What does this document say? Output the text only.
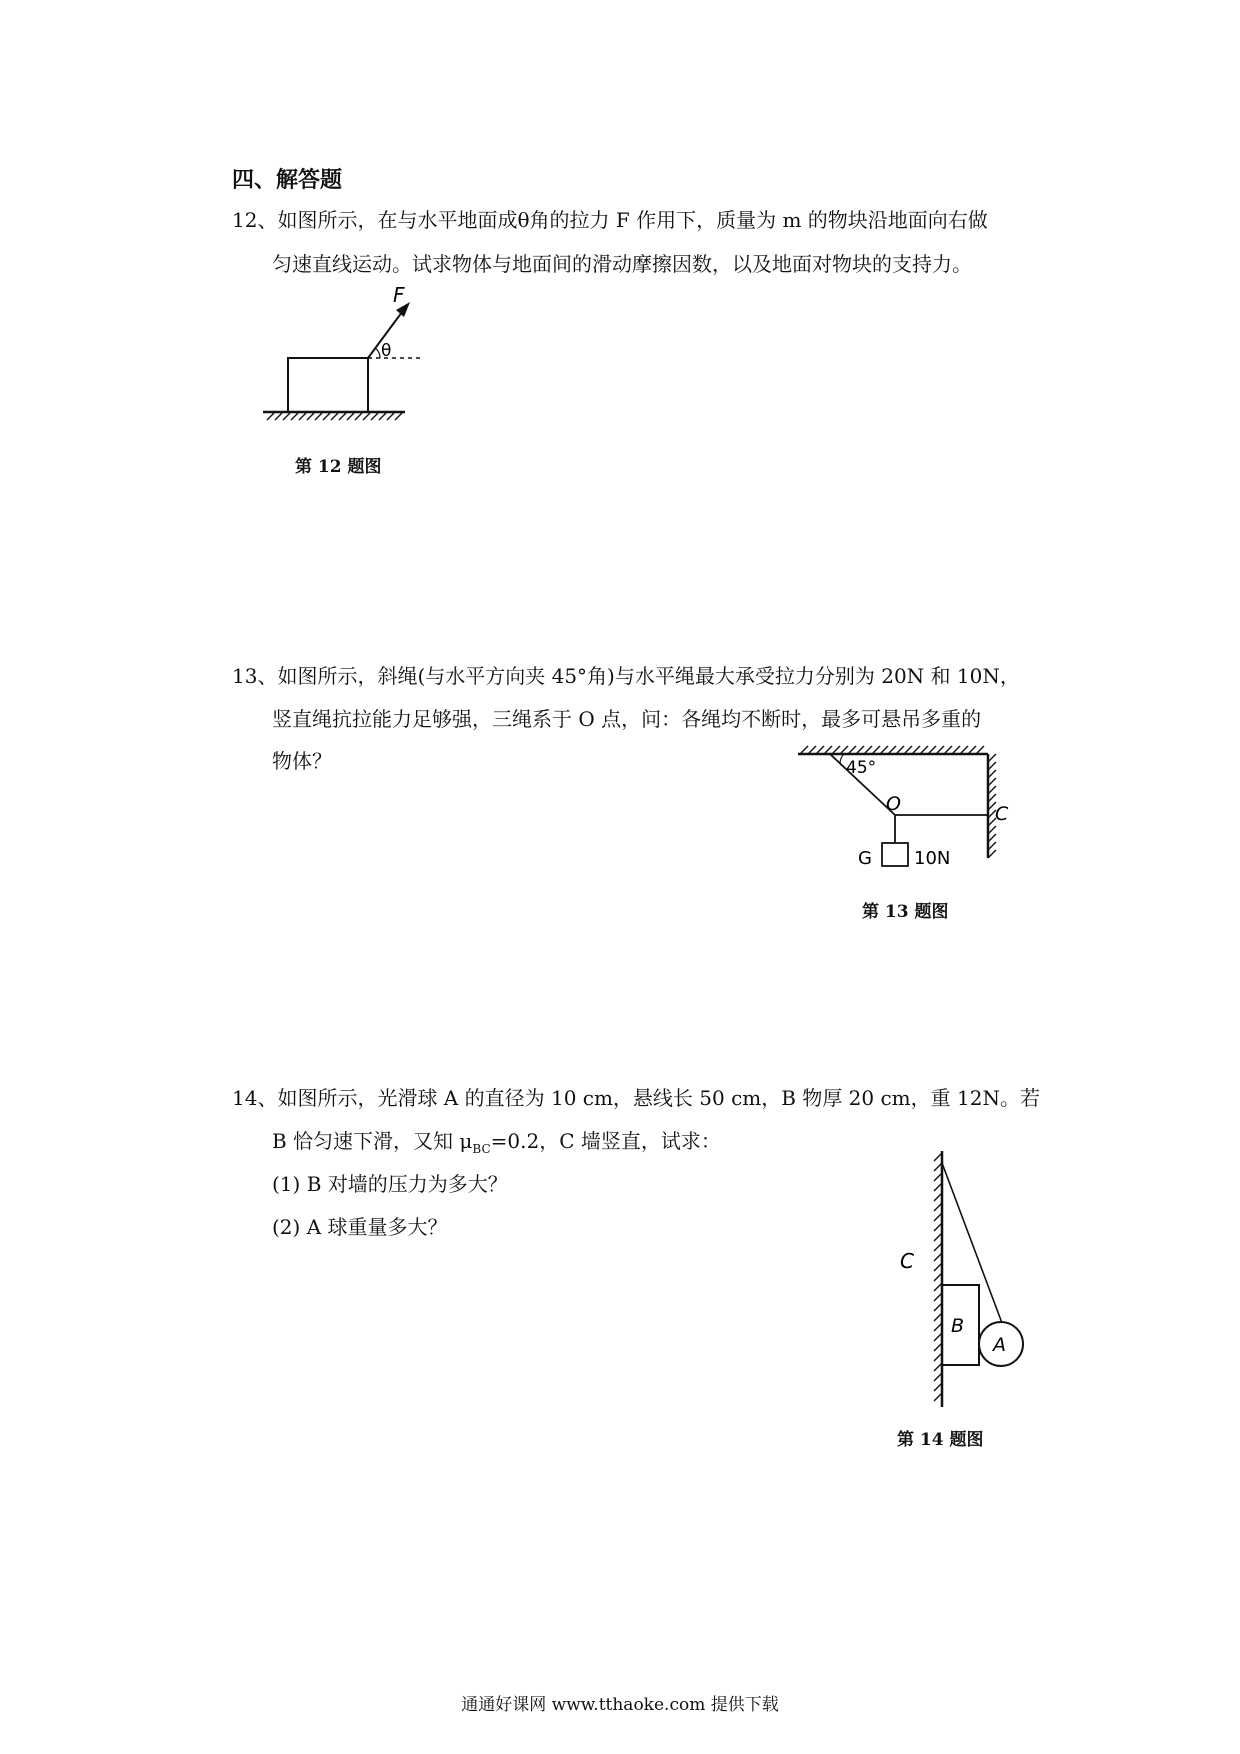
四、解答题
12、如图所示，在与水平地面成θ角的拉力 F 作用下，质量为 m 的物块沿地面向右做
匀速直线运动。试求物体与地面间的滑动摩擦因数，以及地面对物块的支持力。
F
θ
第 12 题图
13、如图所示，斜绳(与水平方向夹 45°角)与水平绳最大承受拉力分别为 20N 和 10N，
竖直绳抗拉能力足够强，三绳系于 O 点，问：各绳均不断时，最多可悬吊多重的
物体？	45°
O	C
G 10N
第 13 题图
14、如图所示，光滑球 A 的直径为 10 cm，悬线长 50 cm，B 物厚 20 cm，重 12N。若
B 恰匀速下滑，又知 $\mu_{BC}=0.2$，C 墙竖直，试求：
(1) B 对墙的压力为多大？
(2) A 球重量多大？
C
B
A
第 14 题图
通通好课网 www.tthaoke.com 提供下载
